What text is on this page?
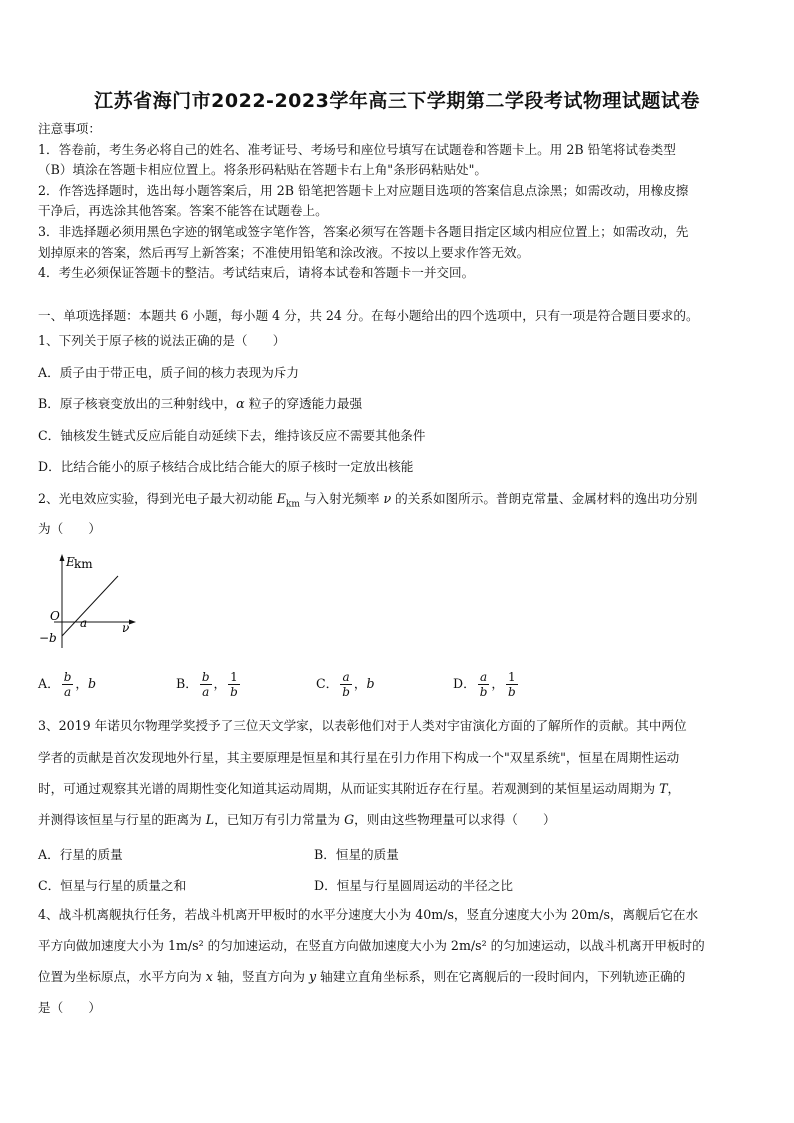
江苏省海门市2022-2023学年高三下学期第二学段考试物理试题试卷
注意事项：
1．答卷前，考生务必将自己的姓名、准考证号、考场号和座位号填写在试题卷和答题卡上。用 2B 铅笔将试卷类型
（B）填涂在答题卡相应位置上。将条形码粘贴在答题卡右上角"条形码粘贴处"。
2．作答选择题时，选出每小题答案后，用 2B 铅笔把答题卡上对应题目选项的答案信息点涂黑；如需改动，用橡皮擦
干净后，再选涂其他答案。答案不能答在试题卷上。
3．非选择题必须用黑色字迹的钢笔或签字笔作答，答案必须写在答题卡各题目指定区域内相应位置上；如需改动，先
划掉原来的答案，然后再写上新答案；不准使用铅笔和涂改液。不按以上要求作答无效。
4．考生必须保证答题卡的整洁。考试结束后，请将本试卷和答题卡一并交回。
一、单项选择题：本题共 6 小题，每小题 4 分，共 24 分。在每小题给出的四个选项中，只有一项是符合题目要求的。
1、下列关于原子核的说法正确的是（　　）
A．质子由于带正电，质子间的核力表现为斥力
B．原子核衰变放出的三种射线中，α 粒子的穿透能力最强
C．铀核发生链式反应后能自动延续下去，维持该反应不需要其他条件
D．比结合能小的原子核结合成比结合能大的原子核时一定放出核能
2、光电效应实验，得到光电子最大初动能 $E_{km}$ 与入射光频率 ν 的关系如图所示。普朗克常量、金属材料的逸出功分别
为（　　）
E km
O a	ν
−b
A． $\frac{b}{a}$ ，b	B． $\frac{b}{a}$ ， $\frac{1}{b}$	C． $\frac{a}{b}$ ，b	D． $\frac{a}{b}$ ， $\frac{1}{b}$
3、2019 年诺贝尔物理学奖授予了三位天文学家，以表彰他们对于人类对宇宙演化方面的了解所作的贡献。其中两位
学者的贡献是首次发现地外行星，其主要原理是恒星和其行星在引力作用下构成一个"双星系统"，恒星在周期性运动
时，可通过观察其光谱的周期性变化知道其运动周期，从而证实其附近存在行星。若观测到的某恒星运动周期为 T，
并测得该恒星与行星的距离为 L，已知万有引力常量为 G，则由这些物理量可以求得（　　）
A．行星的质量	B．恒星的质量
C．恒星与行星的质量之和	D．恒星与行星圆周运动的半径之比
4、战斗机离舰执行任务，若战斗机离开甲板时的水平分速度大小为 40m/s，竖直分速度大小为 20m/s，离舰后它在水
平方向做加速度大小为 1m/s² 的匀加速运动，在竖直方向做加速度大小为 2m/s² 的匀加速运动，以战斗机离开甲板时的
位置为坐标原点，水平方向为 x 轴，竖直方向为 y 轴建立直角坐标系，则在它离舰后的一段时间内，下列轨迹正确的
是（　　）
